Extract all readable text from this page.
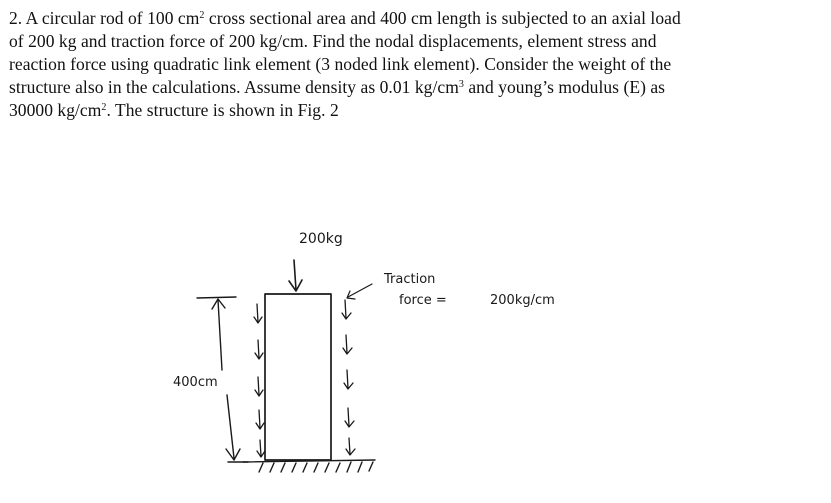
2. A circular rod of 100 $cm^2$ cross sectional area and 400 cm length is subjected to an axial load
of 200 kg and traction force of 200 kg/cm. Find the nodal displacements, element stress and
reaction force using quadratic link element (3 noded link element). Consider the weight of the
structure also in the calculations. Assume density as 0.01 $kg/cm^3$ and young’s modulus (E) as
30000 $kg/cm^2$. The structure is shown in Fig. 2
200kg
Traction
force =	200kg/cm
400cm
